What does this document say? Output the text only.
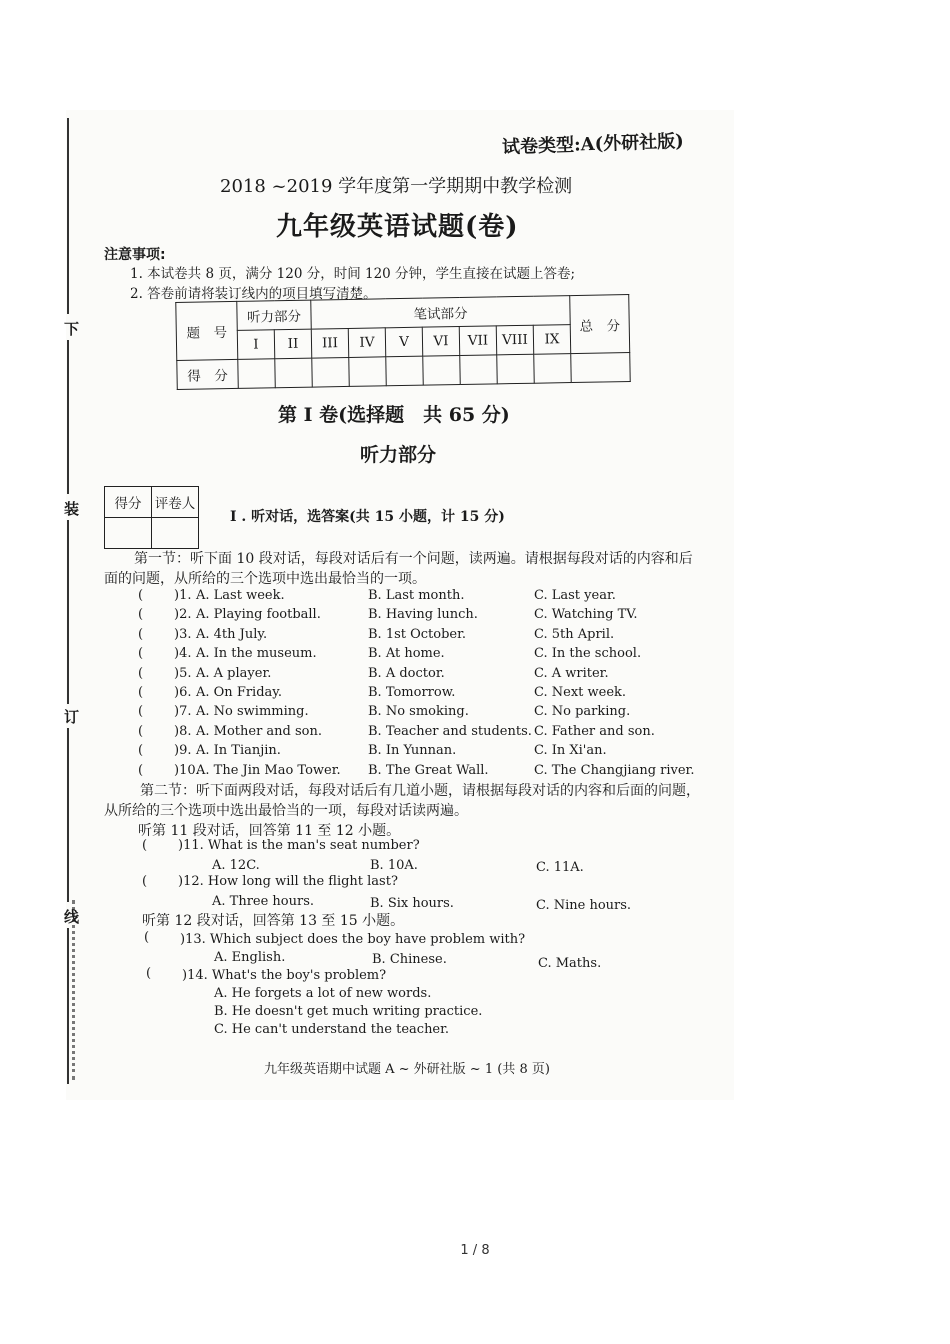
下
装
订
线
试卷类型:A(外研社版)
2018 ~2019 学年度第一学期期中教学检测
九年级英语试题(卷)
注意事项:
1. 本试卷共 8 页，满分 120 分，时间 120 分钟，学生直接在试题上答卷;
2. 答卷前请将装订线内的项目填写清楚。
题　号	听力部分		笔试部分							总　分
	I	II	III	IV	V	VI	VII	VIII	IX	
得　分										
第 I 卷(选择题　共 65 分)
听力部分
得分	评卷人

I . 听对话，选答案(共 15 小题，计 15 分)
第一节：听下面 10 段对话，每段对话后有一个问题，读两遍。请根据每段对话的内容和后
面的问题，从所给的三个选项中选出最恰当的一项。
( )1. A. Last week.	B. Last month.	C. Last year.
( )2. A. Playing football.	B. Having lunch.	C. Watching TV.
( )3. A. 4th July.	B. 1st October.	C. 5th April.
( )4. A. In the museum.	B. At home.	C. In the school.
( )5. A. A player.	B. A doctor.	C. A writer.
( )6. A. On Friday.	B. Tomorrow.	C. Next week.
( )7. A. No swimming.	B. No smoking.	C. No parking.
( )8. A. Mother and son.	B. Teacher and students. C. Father and son.
( )9. A. In Tianjin.	B. In Yunnan.	C. In Xi'an.
( )10.
A. The Jin Mao Tower. B. The Great Wall.	C. The Changjiang river.
第二节：听下面两段对话，每段对话后有几道小题，请根据每段对话的内容和后面的问题，
从所给的三个选项中选出最恰当的一项，每段对话读两遍。
听第 11 段对话，回答第 11 至 12 小题。
( )11. What is the man's seat number?
A. 12C.	B. 10A.	C. 11A.
( )12. How long will the flight last?
A. Three hours.	B. Six hours.	C. Nine hours.
听第 12 段对话，回答第 13 至 15 小题。
( )13. Which subject does the boy have problem with?
A. English.	B. Chinese.	C. Maths.
( )14. What's the boy's problem?
A. He forgets a lot of new words.
B. He doesn't get much writing practice.
C. He can't understand the teacher.
九年级英语期中试题 A ~ 外研社版 ~ 1 (共 8 页)
1 / 8
